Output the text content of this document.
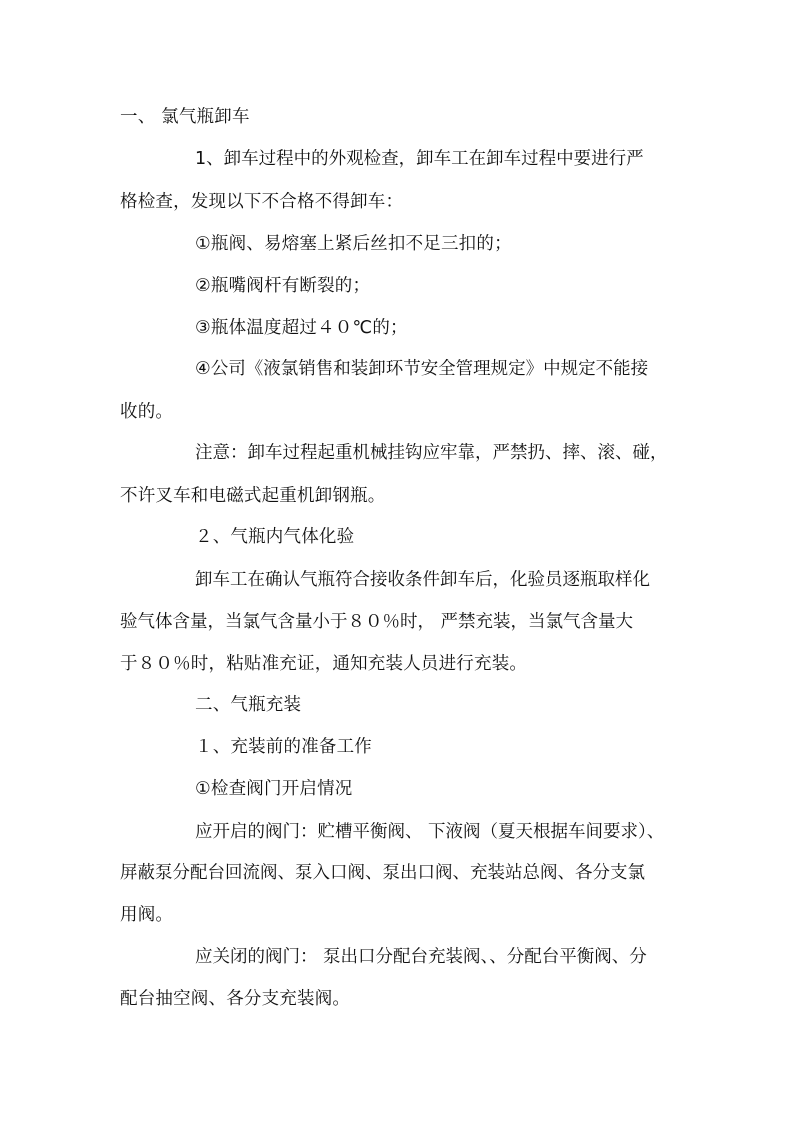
一、 氯气瓶卸车

1、卸车过程中的外观检查，卸车工在卸车过程中要进行严

格检查，发现以下不合格不得卸车：

①瓶阀、易熔塞上紧后丝扣不足三扣的；

②瓶嘴阀杆有断裂的；

③瓶体温度超过４０℃的；

④公司《液氯销售和装卸环节安全管理规定》中规定不能接

收的。

注意：卸车过程起重机械挂钩应牢靠，严禁扔、摔、滚、碰，

不许叉车和电磁式起重机卸钢瓶。

２、气瓶内气体化验

卸车工在确认气瓶符合接收条件卸车后，化验员逐瓶取样化

验气体含量，当氯气含量小于８０％时， 严禁充装，当氯气含量大

于８０％时，粘贴准充证，通知充装人员进行充装。

二、气瓶充装

１、充装前的准备工作

①检查阀门开启情况

应开启的阀门：贮槽平衡阀、 下液阀（夏天根据车间要求）、

屏蔽泵分配台回流阀、泵入口阀、泵出口阀、充装站总阀、各分支氯

用阀。

应关闭的阀门： 泵出口分配台充装阀、、分配台平衡阀、分

配台抽空阀、各分支充装阀。
